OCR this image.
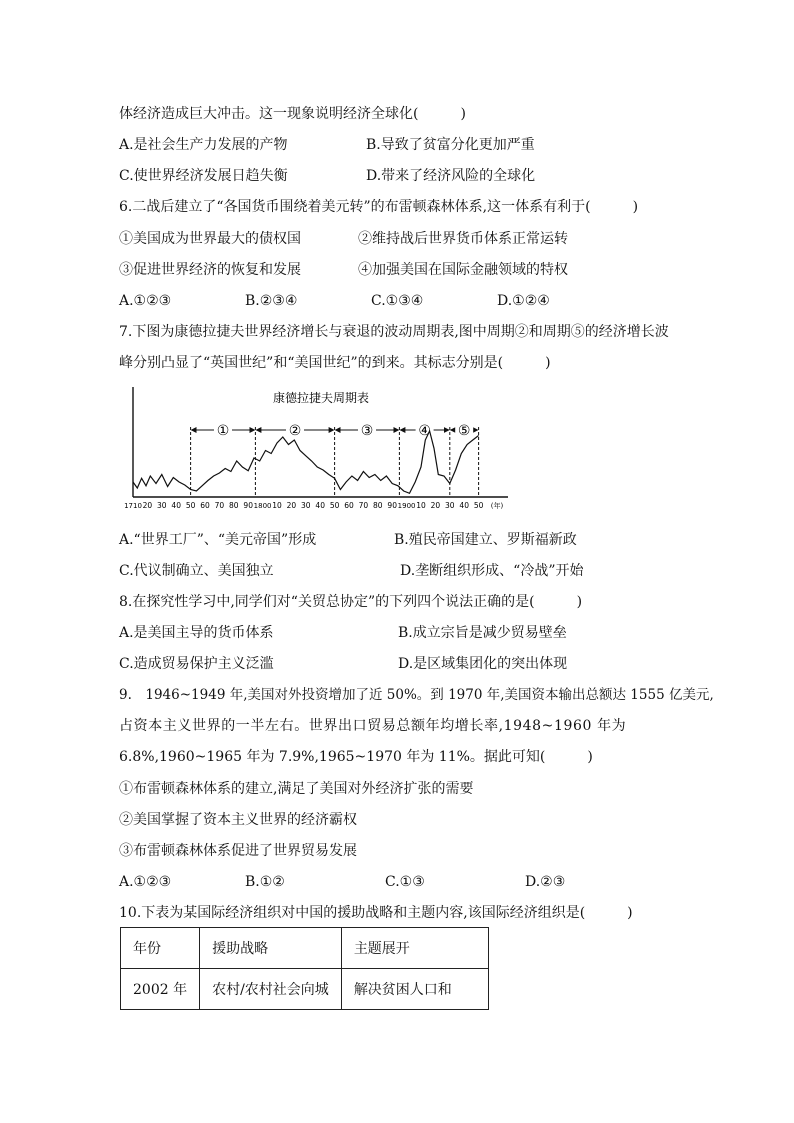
体经济造成巨大冲击。这一现象说明经济全球化(　　　)
A.是社会生产力发展的产物	B.导致了贫富分化更加严重
C.使世界经济发展日趋失衡	D.带来了经济风险的全球化
6.二战后建立了“各国货币围绕着美元转”的布雷顿森林体系,这一体系有利于(　　　)
①美国成为世界最大的债权国	②维持战后世界货币体系正常运转
③促进世界经济的恢复和发展	④加强美国在国际金融领域的特权
A.①②③	B.②③④	C.①③④	D.①②④
7.下图为康德拉捷夫世界经济增长与衰退的波动周期表,图中周期②和周期⑤的经济增长波
峰分别凸显了“英国世纪”和“美国世纪”的到来。其标志分别是(　　　)
康德拉捷夫周期表
①	②	③	④ ⑤
1710 20 30 40 50 60 70 80 90 1800 10 20 30 40 50 60 70 80 90 1900 10 20 30 40 50 (年)
A.“世界工厂”、“美元帝国”形成	B.殖民帝国建立、罗斯福新政
C.代议制确立、美国独立	D.垄断组织形成、“冷战”开始
8.在探究性学习中,同学们对“关贸总协定”的下列四个说法正确的是(　　　)
A.是美国主导的货币体系	B.成立宗旨是减少贸易壁垒
C.造成贸易保护主义泛滥	D.是区域集团化的突出体现
9.　1946~1949 年,美国对外投资增加了近 50%。到 1970 年,美国资本输出总额达 1555 亿美元,
占资本主义世界的一半左右。世界出口贸易总额年均增长率,1948~1960 年为
6.8%,1960~1965 年为 7.9%,1965~1970 年为 11%。据此可知(　　　)
①布雷顿森林体系的建立,满足了美国对外经济扩张的需要
②美国掌握了资本主义世界的经济霸权
③布雷顿森林体系促进了世界贸易发展
A.①②③	B.①②	C.①③	D.②③
10.下表为某国际经济组织对中国的援助战略和主题内容,该国际经济组织是(　　　)
年份	援助战略	主题展开
2002 年	农村/农村社会向城	解决贫困人口和
